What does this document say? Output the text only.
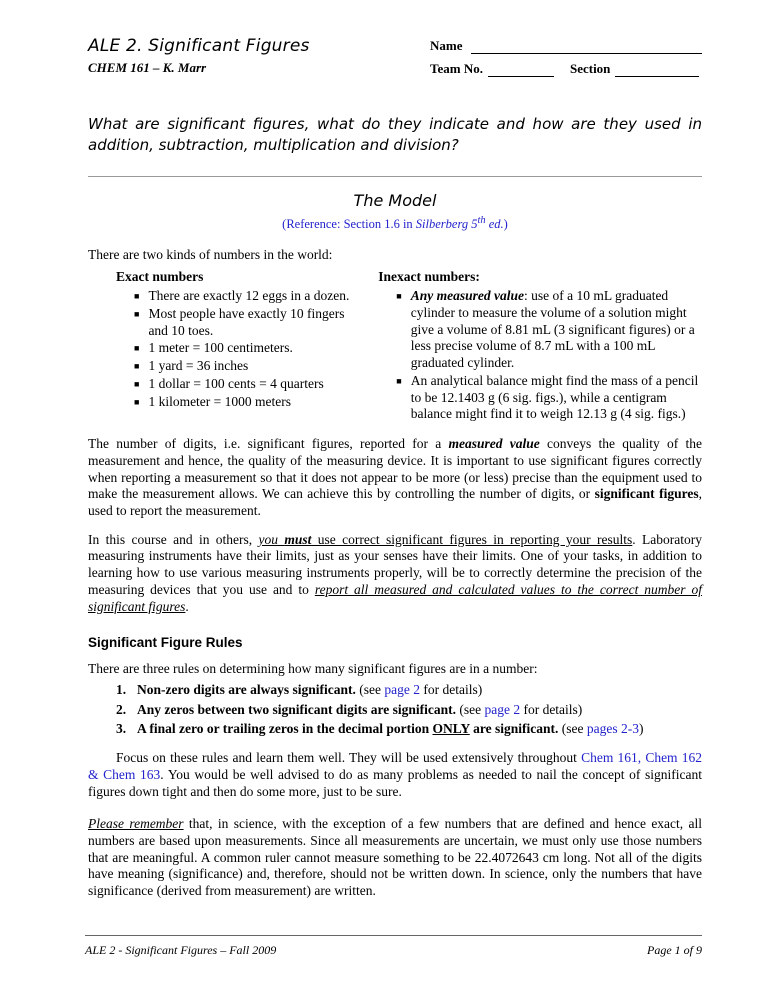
ALE 2. Significant Figures
CHEM 161 – K. Marr
Name
Team No.	Section
What are significant figures, what do they indicate and how are they used in addition, subtraction, multiplication and division?
The Model
(Reference: Section 1.6 in Silberberg 5th ed.)
There are two kinds of numbers in the world:
Exact numbers
■ There are exactly 12 eggs in a dozen.
■ Most people have exactly 10 fingers and 10 toes.
■ 1 meter = 100 centimeters.
■ 1 yard = 36 inches
■ 1 dollar = 100 cents = 4 quarters
■ 1 kilometer = 1000 meters
Inexact numbers:
■ Any measured value: use of a 10 mL graduated cylinder to measure the volume of a solution might give a volume of 8.81 mL (3 significant figures) or a less precise volume of 8.7 mL with a 100 mL graduated cylinder.
■ An analytical balance might find the mass of a pencil to be 12.1403 g (6 sig. figs.), while a centigram balance might find it to weigh 12.13 g (4 sig. figs.)

The number of digits, i.e. significant figures, reported for a measured value conveys the quality of the measurement and hence, the quality of the measuring device. It is important to use significant figures correctly when reporting a measurement so that it does not appear to be more (or less) precise than the equipment used to make the measurement allows. We can achieve this by controlling the number of digits, or significant figures, used to report the measurement.

In this course and in others, you must use correct significant figures in reporting your results. Laboratory measuring instruments have their limits, just as your senses have their limits. One of your tasks, in addition to learning how to use various measuring instruments properly, will be to correctly determine the precision of the measuring devices that you use and to report all measured and calculated values to the correct number of significant figures.

Significant Figure Rules
There are three rules on determining how many significant figures are in a number:
1. Non-zero digits are always significant. (see page 2 for details)
2. Any zeros between two significant digits are significant. (see page 2 for details)
3. A final zero or trailing zeros in the decimal portion ONLY are significant. (see pages 2-3)

Focus on these rules and learn them well. They will be used extensively throughout Chem 161, Chem 162 & Chem 163. You would be well advised to do as many problems as needed to nail the concept of significant figures down tight and then do some more, just to be sure.

Please remember that, in science, with the exception of a few numbers that are defined and hence exact, all numbers are based upon measurements. Since all measurements are uncertain, we must only use those numbers that are meaningful. A common ruler cannot measure something to be 22.4072643 cm long. Not all of the digits have meaning (significance) and, therefore, should not be written down. In science, only the numbers that have significance (derived from measurement) are written.

ALE 2 - Significant Figures – Fall 2009	Page 1 of 9
